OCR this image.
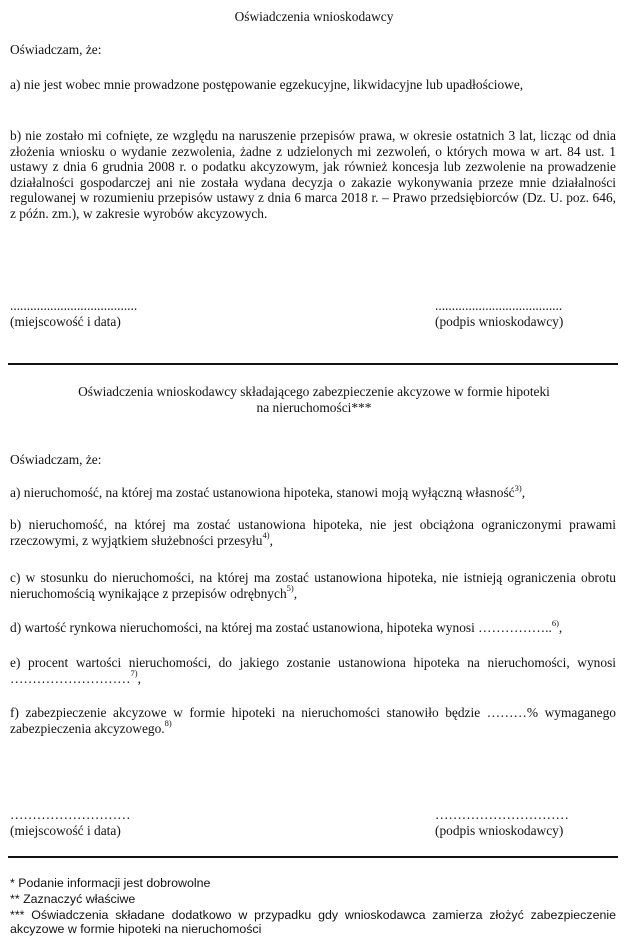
Oświadczenia wnioskodawcy

Oświadczam, że:

a) nie jest wobec mnie prowadzone postępowanie egzekucyjne, likwidacyjne lub upadłościowe,

b) nie zostało mi cofnięte, ze względu na naruszenie przepisów prawa, w okresie ostatnich 3 lat, licząc od dnia złożenia wniosku o wydanie zezwolenia, żadne z udzielonych mi zezwoleń, o których mowa w art. 84 ust. 1 ustawy z dnia 6 grudnia 2008 r. o podatku akcyzowym, jak również koncesja lub zezwolenie na prowadzenie działalności gospodarczej ani nie została wydana decyzja o zakazie wykonywania przeze mnie działalności regulowanej w rozumieniu przepisów ustawy z dnia 6 marca 2018 r. – Prawo przedsiębiorców (Dz. U. poz. 646, z późn. zm.), w zakresie wyrobów akcyzowych.

......................................
(miejscowość i data)
......................................
(podpis wnioskodawcy)

Oświadczenia wnioskodawcy składającego zabezpieczenie akcyzowe w formie hipoteki

na nieruchomości***

Oświadczam, że:

a) nieruchomość, na której ma zostać ustanowiona hipoteka, stanowi moją wyłączną własność$^{3)}$,

b) nieruchomość, na której ma zostać ustanowiona hipoteka, nie jest obciążona ograniczonymi prawami rzeczowymi, z wyjątkiem służebności przesyłu$^{4)}$,

c) w stosunku do nieruchomości, na której ma zostać ustanowiona hipoteka, nie istnieją ograniczenia obrotu nieruchomością wynikające z przepisów odrębnych$^{5)}$,

d) wartość rynkowa nieruchomości, na której ma zostać ustanowiona, hipoteka wynosi ……………..$^{6)}$,

e) procent wartości nieruchomości, do jakiego zostanie ustanowiona hipoteka na nieruchomości, wynosi ………………………$^{7)}$,

f) zabezpieczenie akcyzowe w formie hipoteki na nieruchomości stanowiło będzie ………% wymaganego zabezpieczenia akcyzowego.$^{8)}$

………………………
(miejscowość i data)
…………………………
(podpis wnioskodawcy)

* Podanie informacji jest dobrowolne

** Zaznaczyć właściwe

*** Oświadczenia składane dodatkowo w przypadku gdy wnioskodawca zamierza złożyć zabezpieczenie akcyzowe w formie hipoteki na nieruchomości
